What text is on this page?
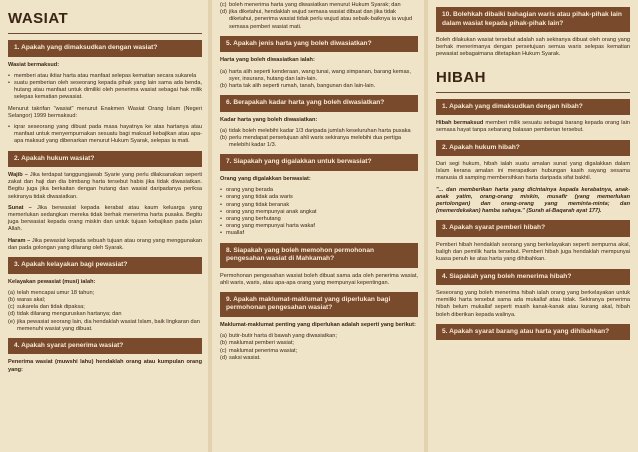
WASIAT
1. Apakah yang dimaksudkan dengan wasiat?

Wasiat bermaksud:

• memberi atau iktiar harta atau manfaat selepas kematian secara sukarela
• suatu pemberian oleh seseorang kepada pihak yang lain sama ada benda, hutang atau manfaat untuk dimiliki oleh penerima wasiat sebagai hak milik selepas kematian pewasiat.

Menurut takrifan "wasiat" menurut Enakmen Wasiat Orang Islam (Negeri Selangor) 1999 bermaksud:

• iqrar seseorang yang dibuat pada masa hayatnya ke atas hartanya atau manfaat untuk menyempurnakan sesuatu bagi maksud kebajikan atau apa-apa maksud yang dibenarkan menurut Hukum Syarak, selepas ia mati.
2. Apakah hukum wasiat?

Wajib – Jika terdapat tanggungjawab Syarie yang perlu dilaksanakan seperti zakat dan haji dan dia bimbang harta tersebut habis jika tidak diwasiatkan. Begitu juga jika berkaitan dengan hutang dan wasiat daripadanya periksa sekiranya tidak diwasiatkan.

Sunat – Jika berwasiat kepada kerabat atau kaum keluarga yang memerlukan sedangkan mereka tidak berhak menerima harta pusaka. Begitu juga berwasiat kepada orang miskin dan untuk tujuan kebajikan pada jalan Allah.

Haram – Jika pewasiat kepada sebuah tujuan atau orang yang menggunakan dan pada golongan yang dilarang oleh Syarak.

3. Apakah kelayakan bagi pewasiat?

Kelayakan pewasiat (musi) ialah:

(a) telah mencapai umur 18 tahun;
(b) waras akal;
(c) sukarela dan tidak dipaksa;
(d) tidak dilarang menguruskan hartanya; dan
(e) jika pewasiat seorang lain, dia hendaklah wasiat Islam, baik lingkaran dan memenuhi wasiat yang dibuat.
4. Apakah syarat penerima wasiat?

Penerima wasiat (muwshi lahu) hendaklah orang atau kumpulan orang yang:

(c) boleh menerima harta yang diwasiatkan menurut Hukum Syarak; dan
(d) jika diketahui, hendaklah wujud semasa wasiat dibuat dan jika tidak diketahui, penerima wasiat tidak perlu wujud atau sebaik-baiknya ia wujud semasa pemberi wasiat mati.
5. Apakah jenis harta yang boleh diwasiatkan?

Harta yang boleh diwasiatkan ialah:

(a) harta alih seperti kenderaan, wang tunai, wang simpanan, barang kemas, syer, insurans, hutang dan lain-lain.
(b) harta tak alih seperti rumah, tanah, bangunan dan lain-lain.
6. Berapakah kadar harta yang boleh diwasiatkan?

Kadar harta yang boleh diwasiatkan:

(a) tidak boleh melebihi kadar 1/3 daripada jumlah keseluruhan harta pusaka
(b) perlu mendapat persetujuan ahli waris sekiranya melebihi dua pertiga melebihi kadar 1/3.
7. Siapakah yang digalakkan untuk berwasiat?

Orang yang digalakkan berwasiat:

• orang yang berada
• orang yang tidak ada waris
• orang yang tidak beranak
• orang yang mempunyai anak angkat
• orang yang berhutang
• orang yang mempunyai harta wakaf
• muallaf
8. Siapakah yang boleh memohon permohonan pengesahan wasiat di Mahkamah?

Permohonan pengesahan wasiat boleh dibuat sama ada oleh penerima wasiat, ahli waris, waris, atau apa-apa orang yang mempunyai kepentingan.

9. Apakah maklumat-maklumat yang diperlukan bagi permohonan pengesahan wasiat?

Maklumat-maklumat penting yang diperlukan adalah seperti yang berikut:

(a) butir-butir harta di bawah yang diwasiatkan;
(b) maklumat pemberi wasiat;
(c) maklumat penerima wasiat;
(d) saksi wasiat.
10. Bolehkah dibaiki bahagian waris atau pihak-pihak lain dalam wasiat kepada pihak-pihak lain?

Boleh dilakukan wasiat tersebut adalah sah sekiranya dibuat oleh orang yang berhak menerimanya dengan persetujuan semua waris selepas kematian pewasiat sebagaimana ditetapkan Hukum Syarak.

HIBAH
1. Apakah yang dimaksudkan dengan hibah?

Hibah bermaksud memberi milik sesuatu sebagai barang kepada orang lain semasa hayat tanpa sebarang balasan pemberian tersebut.

2. Apakah hukum hibah?

Dari segi hukum, hibah ialah suatu amalan sunat yang digalakkan dalam Islam kerana amalan ini merapatkan hubungan kasih sayang sesama manusia di samping membersihkan harta daripada sifat bakhil.

"... dan memberikan harta yang dicintainya kepada kerabatnya, anak-anak yatim, orang-orang miskin, musafir (yang memerlukan pertolongan) dan orang-orang yang meminta-minta; dan (memerdekakan) hamba sahaya." (Surah al-Baqarah ayat 177).

3. Apakah syarat pemberi hibah?

Pemberi hibah hendaklah seorang yang berkelayakan seperti sempurna akal, baligh dan pemilik harta tersebut. Pemberi hibah juga hendaklah mempunyai kuasa penuh ke atas harta yang dihibahkan.

4. Siapakah yang boleh menerima hibah?

Seseorang yang boleh menerima hibah ialah orang yang berkelayakan untuk memiliki harta tersebut sama ada mukallaf atau tidak. Sekiranya penerima hibah belum mukallaf seperti masih kanak-kanak atau kurang akal, hibah boleh diberikan kepada walinya.

5. Apakah syarat barang atau harta yang dihibahkan?
